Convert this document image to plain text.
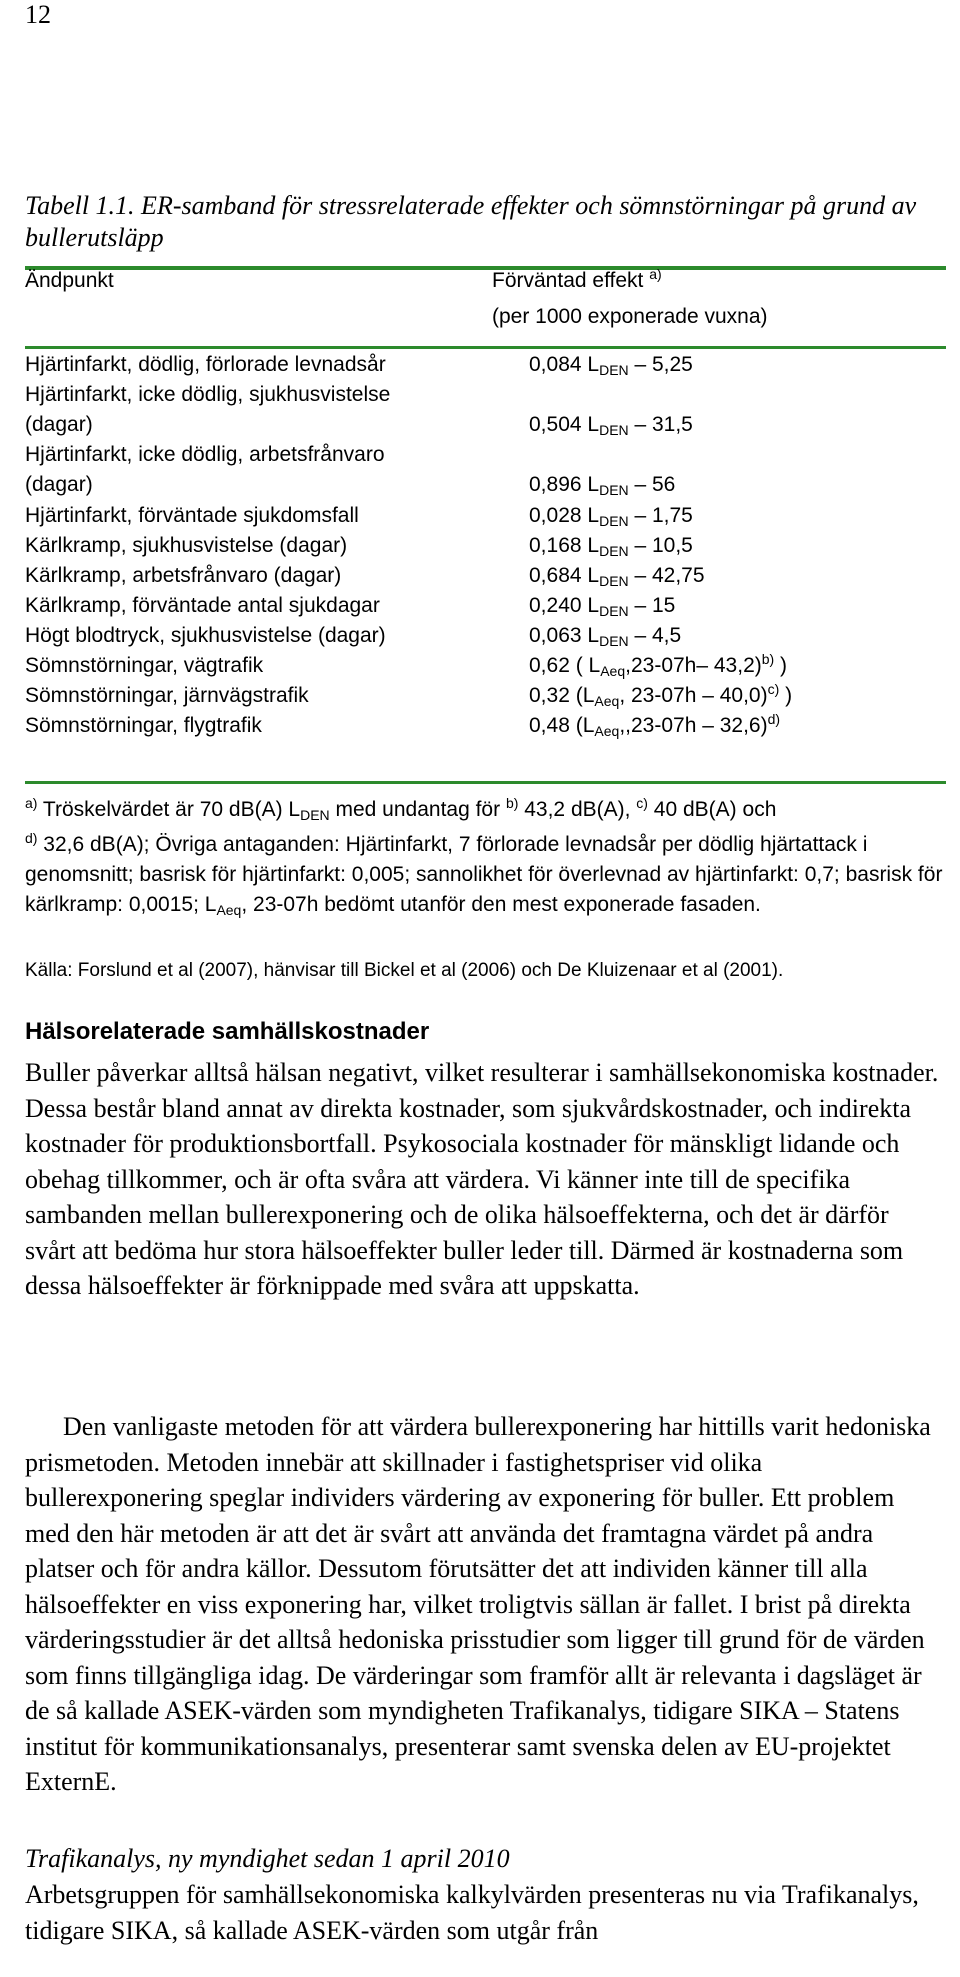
12
Tabell 1.1. ER-samband för stressrelaterade effekter och sömnstörningar på grund av bullerutsläpp
Ändpunkt	Förväntad effekt $^{a)}$
(per 1000 exponerade vuxna)
Hjärtinfarkt, dödlig, förlorade levnadsår	0,084 $L_{DEN} - 5,25$
Hjärtinfarkt, icke dödlig, sjukhusvistelse (dagar)	0,504 $L_{DEN} - 31,5$
Hjärtinfarkt, icke dödlig, arbetsfrånvaro (dagar)	0,896 $L_{DEN} - 56$
Hjärtinfarkt, förväntade sjukdomsfall	0,028 $L_{DEN} - 1,75$
Kärlkramp, sjukhusvistelse (dagar)	0,168 $L_{DEN} - 10,5$
Kärlkramp, arbetsfrånvaro (dagar)	0,684 $L_{DEN} - 42,75$
Kärlkramp, förväntade antal sjukdagar	0,240 $L_{DEN} - 15$
Högt blodtryck, sjukhusvistelse (dagar)	0,063 $L_{DEN} - 4,5$
Sömnstörningar, vägtrafik	0,62 ( $L_{Aeq},23-07h-$ 43,2)$^{b)}$ )
Sömnstörningar, järnvägstrafik	0,32 ($L_{Aeq}$, 23-07h – 40,0)$^{c)}$ )
Sömnstörningar, flygtrafik	0,48 $(L_{Aeq},,23-07h - 32,6)^{d)}$
$^{a)}$ Tröskelvärdet är 70 dB(A) $L_{DEN}$ med undantag för $^{b)}$ 43,2 dB(A), $^{c)}$ 40 dB(A) och
$^{d)}$ 32,6 dB(A); Övriga antaganden: Hjärtinfarkt, 7 förlorade levnadsår per dödlig hjärtattack i genomsnitt; basrisk för hjärtinfarkt: 0,005; sannolikhet för överlevnad av hjärtinfarkt: 0,7; basrisk för kärlkramp: 0,0015; $L_{Aeq}$, 23-07h bedömt utanför den mest exponerade fasaden.
Källa: Forslund et al (2007), hänvisar till Bickel et al (2006) och De Kluizenaar et al (2001).
Hälsorelaterade samhällskostnader
Buller påverkar alltså hälsan negativt, vilket resulterar i samhällsekonomiska kostnader. Dessa består bland annat av direkta kostnader, som sjukvårdskostnader, och indirekta kostnader för produktionsbortfall. Psykosociala kostnader för mänskligt lidande och obehag tillkommer, och är ofta svåra att värdera. Vi känner inte till de specifika sambanden mellan bullerexponering och de olika hälsoeffekterna, och det är därför svårt att bedöma hur stora hälsoeffekter buller leder till. Därmed är kostnaderna som dessa hälsoeffekter är förknippade med svåra att uppskatta.
Den vanligaste metoden för att värdera bullerexponering har hittills varit hedoniska prismetoden. Metoden innebär att skillnader i fastighetspriser vid olika bullerexponering speglar individers värdering av exponering för buller. Ett problem med den här metoden är att det är svårt att använda det framtagna värdet på andra platser och för andra källor. Dessutom förutsätter det att individen känner till alla hälsoeffekter en viss exponering har, vilket troligtvis sällan är fallet. I brist på direkta värderingsstudier är det alltså hedoniska prisstudier som ligger till grund för de värden som finns tillgängliga idag. De värderingar som framför allt är relevanta i dagsläget är de så kallade ASEK-värden som myndigheten Trafikanalys, tidigare SIKA – Statens institut för kommunikationsanalys, presenterar samt svenska delen av EU-projektet ExternE.
Trafikanalys, ny myndighet sedan 1 april 2010
Arbetsgruppen för samhällsekonomiska kalkylvärden presenteras nu via Trafikanalys, tidigare SIKA, så kallade ASEK-värden som utgår från
